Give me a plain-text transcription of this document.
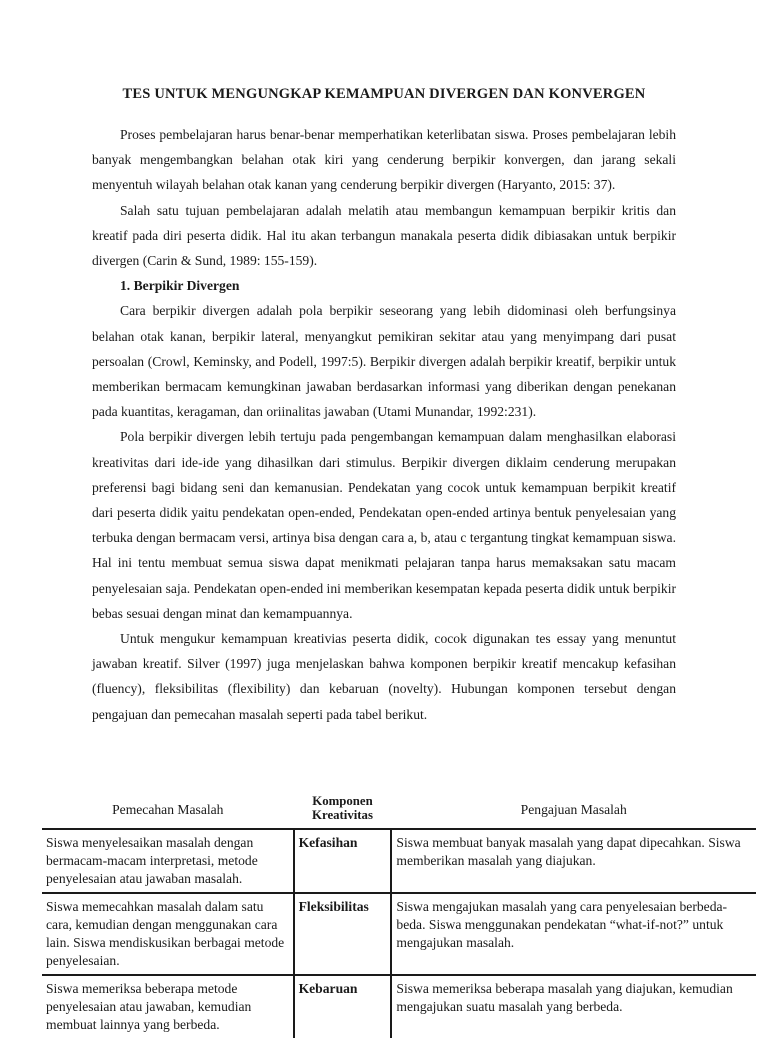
TES UNTUK MENGUNGKAP KEMAMPUAN DIVERGEN DAN KONVERGEN

Proses pembelajaran harus benar-benar memperhatikan keterlibatan siswa. Proses pembelajaran lebih banyak mengembangkan belahan otak kiri yang cenderung berpikir konvergen, dan jarang sekali menyentuh wilayah belahan otak kanan yang cenderung berpikir divergen (Haryanto, 2015: 37).

Salah satu tujuan pembelajaran adalah melatih atau membangun kemampuan berpikir kritis dan kreatif pada diri peserta didik. Hal itu akan terbangun manakala peserta didik dibiasakan untuk berpikir divergen (Carin & Sund, 1989: 155-159).

1. Berpikir Divergen

Cara berpikir divergen adalah pola berpikir seseorang yang lebih didominasi oleh berfungsinya belahan otak kanan, berpikir lateral, menyangkut pemikiran sekitar atau yang menyimpang dari pusat persoalan (Crowl, Keminsky, and Podell, 1997:5). Berpikir divergen adalah berpikir kreatif, berpikir untuk memberikan bermacam kemungkinan jawaban berdasarkan informasi yang diberikan dengan penekanan pada kuantitas, keragaman, dan oriinalitas jawaban (Utami Munandar, 1992:231).

Pola berpikir divergen lebih tertuju pada pengembangan kemampuan dalam menghasilkan elaborasi kreativitas dari ide-ide yang dihasilkan dari stimulus. Berpikir divergen diklaim cenderung merupakan preferensi bagi bidang seni dan kemanusian. Pendekatan yang cocok untuk kemampuan berpikit kreatif dari peserta didik yaitu pendekatan open-ended, Pendekatan open-ended artinya bentuk penyelesaian yang terbuka dengan bermacam versi, artinya bisa dengan cara a, b, atau c tergantung tingkat kemampuan siswa. Hal ini tentu membuat semua siswa dapat menikmati pelajaran tanpa harus memaksakan satu macam penyelesaian saja. Pendekatan open-ended ini memberikan kesempatan kepada peserta didik untuk berpikir bebas sesuai dengan minat dan kemampuannya.

Untuk mengukur kemampuan kreativias peserta didik, cocok digunakan tes essay yang menuntut jawaban kreatif. Silver (1997) juga menjelaskan bahwa komponen berpikir kreatif mencakup kefasihan (fluency), fleksibilitas (flexibility) dan kebaruan (novelty). Hubungan komponen tersebut dengan pengajuan dan pemecahan masalah seperti pada tabel berikut.

Pemecahan Masalah	Komponen Kreativitas	Pengajuan Masalah
Siswa menyelesaikan masalah dengan bermacam-macam interpretasi, metode penyelesaian atau jawaban masalah.	Kefasihan	Siswa membuat banyak masalah yang dapat dipecahkan. Siswa memberikan masalah yang diajukan.
Siswa memecahkan masalah dalam satu cara, kemudian dengan menggunakan cara lain. Siswa mendiskusikan berbagai metode penyelesaian.	Fleksibilitas	Siswa mengajukan masalah yang cara penyelesaian berbeda-beda. Siswa menggunakan pendekatan “what-if-not?” untuk mengajukan masalah.
Siswa memeriksa beberapa metode penyelesaian atau jawaban, kemudian membuat lainnya yang berbeda.	Kebaruan	Siswa memeriksa beberapa masalah yang diajukan, kemudian mengajukan suatu masalah yang berbeda.
